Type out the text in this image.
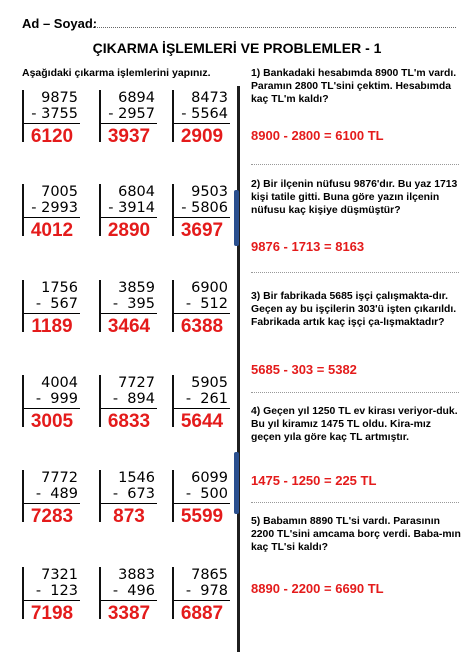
Ad – Soyad:
ÇIKARMA İŞLEMLERİ VE PROBLEMLER - 1
Aşağıdaki çıkarma işlemlerini yapınız.
9875
- 3755
6120
6894
- 2957
3937
8473
- 5564
2909
7005
- 2993
4012
6804
- 3914
2890
9503
- 5806
3697
1756
-  567
1189
3859
-  395
3464
6900
-  512
6388
4004
-  999
3005
7727
-  894
6833
5905
-  261
5644
7772
-  489
7283
1546
-  673
873
6099
-  500
5599
7321
-  123
7198
3883
-  496
3387
7865
-  978
6887
1) Bankadaki hesabımda 8900 TL'm vardı. Paramın 2800 TL'sini çektim. Hesabımda kaç TL'm kaldı?
8900 - 2800 = 6100 TL
2) Bir ilçenin nüfusu 9876'dır. Bu yaz 1713 kişi tatile gitti. Buna göre yazın ilçenin nüfusu kaç kişiye düşmüştür?
9876 - 1713 = 8163
3) Bir fabrikada 5685 işçi çalışmakta-dır. Geçen ay bu işçilerin 303'ü işten çıkarıldı. Fabrikada artık kaç işçi ça-lışmaktadır?
5685 - 303 = 5382
4) Geçen yıl 1250 TL ev kirası veriyor-duk. Bu yıl kiramız 1475 TL oldu. Kira-mız geçen yıla göre kaç TL artmıştır.
1475 - 1250 = 225 TL
5) Babamın 8890 TL'si vardı. Parasının 2200 TL'sini amcama borç verdi. Baba-mın kaç TL'si kaldı?
8890 - 2200 = 6690 TL
